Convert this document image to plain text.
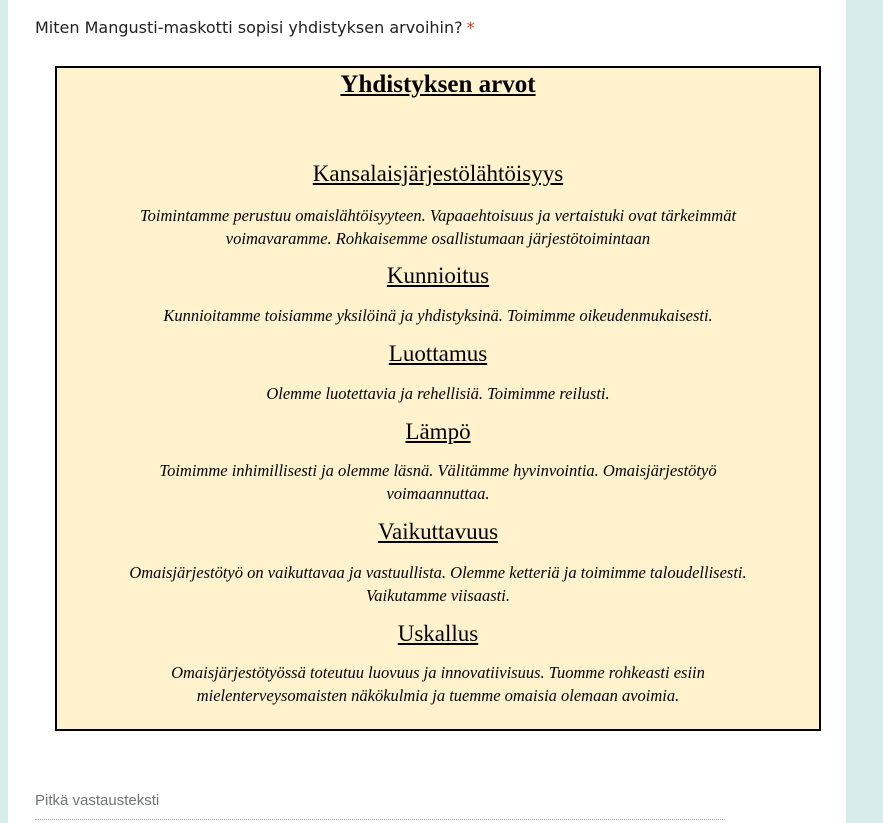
Miten Mangusti-maskotti sopisi yhdistyksen arvoihin? *
Yhdistyksen arvot
Kansalaisjärjestölähtöisyys
Toimintamme perustuu omaislähtöisyyteen. Vapaaehtoisuus ja vertaistuki ovat tärkeimmät
voimavaramme. Rohkaisemme osallistumaan järjestötoimintaan
Kunnioitus
Kunnioitamme toisiamme yksilöinä ja yhdistyksinä. Toimimme oikeudenmukaisesti.
Luottamus
Olemme luotettavia ja rehellisiä. Toimimme reilusti.
Lämpö
Toimimme inhimillisesti ja olemme läsnä. Välitämme hyvinvointia. Omaisjärjestötyö
voimaannuttaa.
Vaikuttavuus
Omaisjärjestötyö on vaikuttavaa ja vastuullista. Olemme ketteriä ja toimimme taloudellisesti.
Vaikutamme viisaasti.
Uskallus
Omaisjärjestötyössä toteutuu luovuus ja innovatiivisuus. Tuomme rohkeasti esiin
mielenterveysomaisten näkökulmia ja tuemme omaisia olemaan avoimia.
Pitkä vastausteksti
